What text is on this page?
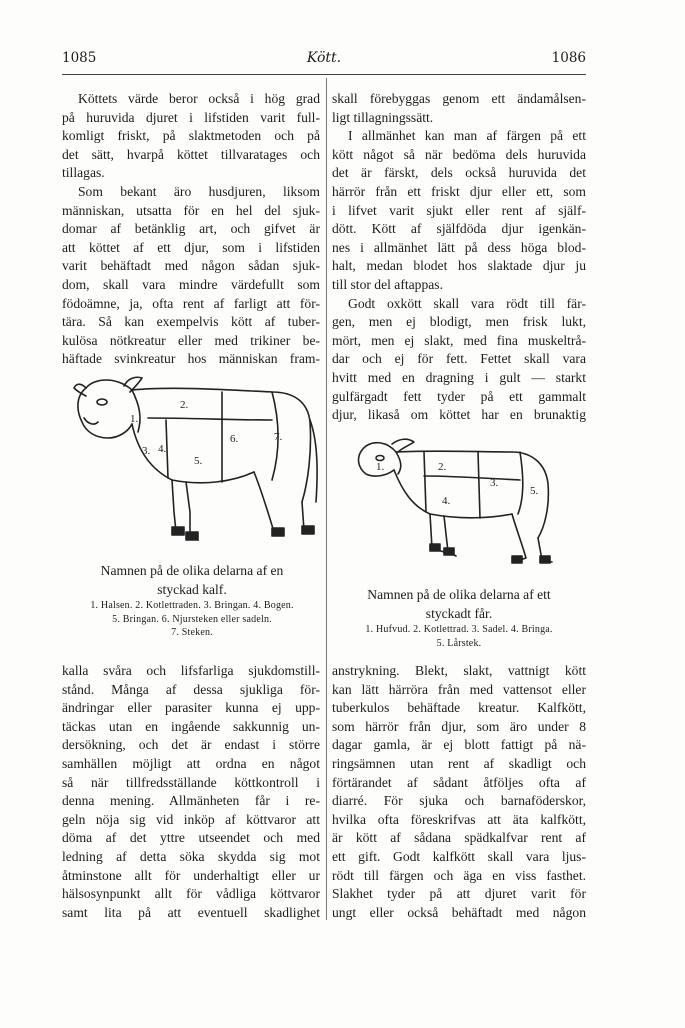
1085	Kött.	1086
Köttets värde beror också i hög grad
på huruvida djuret i lifstiden varit full-
komligt friskt, på slaktmetoden och på
det sätt, hvarpå köttet tillvaratages och
tillagas.
Som bekant äro husdjuren, liksom
människan, utsatta för en hel del sjuk-
domar af betänklig art, och gifvet är
att köttet af ett djur, som i lifstiden
varit behäftadt med någon sådan sjuk-
dom, skall vara mindre värdefullt som
födoämne, ja, ofta rent af farligt att för-
tära. Så kan exempelvis kött af tuber-
kulösa nötkreatur eller med trikiner be-
häftade svinkreatur hos människan fram-
skall förebyggas genom ett ändamålsen-
ligt tillagningssätt.
I allmänhet kan man af färgen på ett
kött något så när bedöma dels huruvida
det är färskt, dels också huruvida det
härrör från ett friskt djur eller ett, som
i lifvet varit sjukt eller rent af själf-
dött. Kött af själfdöda djur igenkän-
nes i allmänhet lätt på dess höga blod-
halt, medan blodet hos slaktade djur ju
till stor del aftappas.
Godt oxkött skall vara rödt till fär-
gen, men ej blodigt, men frisk lukt,
mört, men ej slakt, med fina muskeltrå-
dar och ej för fett. Fettet skall vara
hvitt med en dragning i gult — starkt
gulfärgadt fett tyder på ett gammalt
djur, likaså om köttet har en brunaktig
1.
2.
3. 4.
5.
6.	7.
Namnen på de olika delarna af en
styckad kalf.
1. Halsen. 2. Kotlettraden. 3. Bringan. 4. Bogen.
5. Bringan. 6. Njursteken eller sadeln.
7. Steken.
1.	2.
3.
4.
5.
Namnen på de olika delarna af ett
styckadt får.
1. Hufvud. 2. Kotlettrad. 3. Sadel. 4. Bringa.
5. Lårstek.
kalla svåra och lifsfarliga sjukdomstill-
stånd. Många af dessa sjukliga för-
ändringar eller parasiter kunna ej upp-
täckas utan en ingående sakkunnig un-
dersökning, och det är endast i större
samhällen möjligt att ordna en något
så när tillfredsställande köttkontroll i
denna mening. Allmänheten får i re-
geln nöja sig vid inköp af köttvaror att
döma af det yttre utseendet och med
ledning af detta söka skydda sig mot
åtminstone allt för underhaltigt eller ur
hälsosynpunkt allt för vådliga köttvaror
samt lita på att eventuell skadlighet
anstrykning. Blekt, slakt, vattnigt kött
kan lätt härröra från med vattensot eller
tuberkulos behäftade kreatur. Kalfkött,
som härrör från djur, som äro under 8
dagar gamla, är ej blott fattigt på nä-
ringsämnen utan rent af skadligt och
förtärandet af sådant åtföljes ofta af
diarré. För sjuka och barnaföderskor,
hvilka ofta föreskrifvas att äta kalfkött,
är kött af sådana spädkalfvar rent af
ett gift. Godt kalfkött skall vara ljus-
rödt till färgen och äga en viss fasthet.
Slakhet tyder på att djuret varit för
ungt eller också behäftadt med någon
